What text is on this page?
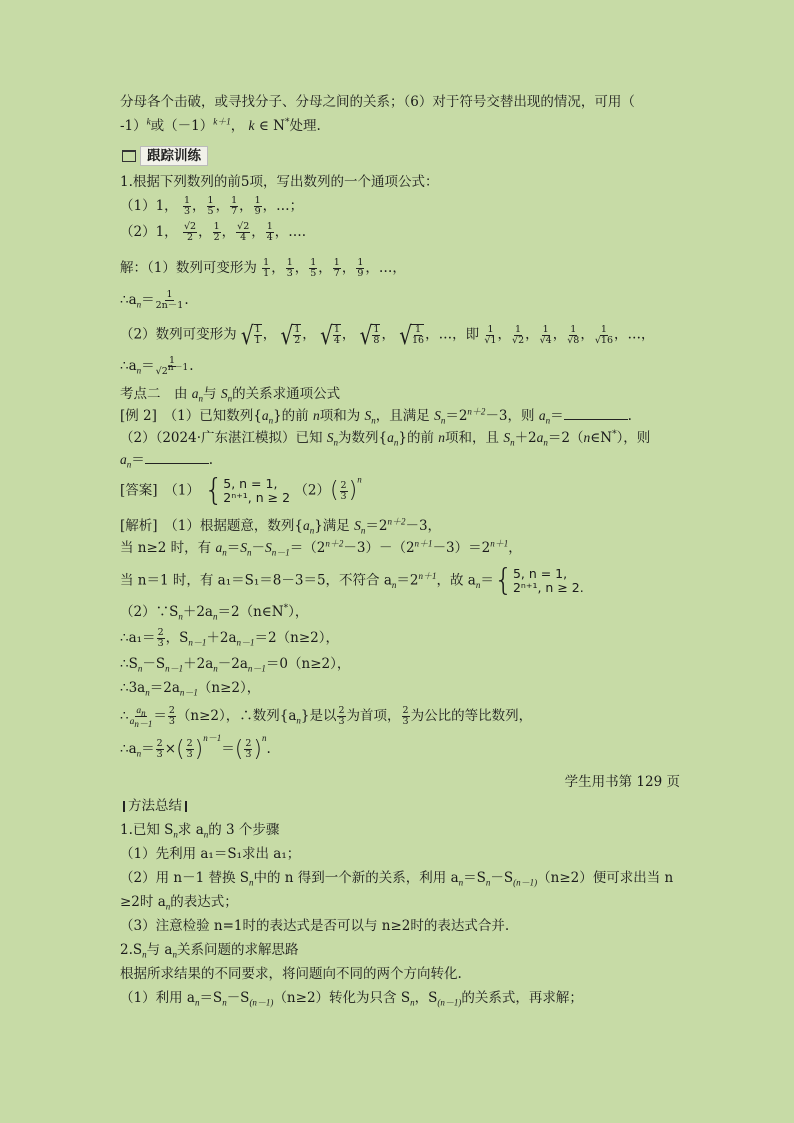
分母各个击破，或寻找分子、分母之间的关系；（6）对于符号交替出现的情况，可用（
-1）$^k$或$(-1)^{k+1}$， k ∈ N*处理.
跟踪训练
1.根据下列数列的前5项，写出数列的一个通项公式：
（1）1， $\frac{1}{3}$ ， $\frac{1}{5}$ ， $\frac{1}{7}$ ， $\frac{1}{9}$ ，…；
（2）1， $\frac{√2}{2}$ ， $\frac{1}{2}$ ， $\frac{√2}{4}$ ， $\frac{1}{4}$ ，….
解：（1）数列可变形为 $\frac{1}{1}$ ， $\frac{1}{3}$ ， $\frac{1}{5}$ ， $\frac{1}{7}$ ， $\frac{1}{9}$ ，…，
$\therefore a_n= \frac{1}{2n-1}$ .
（2）数列可变形为 √ $\frac{1}{1}$ ， √ $\frac{1}{2}$ ， √ $\frac{1}{4}$ ， √ $\frac{1}{8}$ ， √ $\frac{1}{16}$ ，…，即 $\frac{1}{√1}$ ， $\frac{1}{√2}$ ， $\frac{1}{√4}$ ， $\frac{1}{√8}$ ， $\frac{1}{√16}$ ，…，
$\therefore a_n= \frac{1}{√2^{n-1}}$ .
考点二　由 $a_n$与 $S_n$的关系求通项公式
[例 2]　（1）已知数列$\{a_n\}$的前 n项和为 $S_n$，且满足 $S_n=2^{n+2}-3$，则 $a_n=$	.
（2）（2024·广东湛江模拟）已知 $S_n$为数列$\{a_n\}$的前 n项和，且 $S_n+2a_n=2(n\in N^*)$，则
$a_n=$	.
[答案]　（1） { 5, n = 1,
2ⁿ⁺¹, n ≥ 2 （2） ( $\frac{2}{3}$ ) $^n$
[解析]　（1）根据题意，数列$\{a_n\}$满足 $S_n=2^{n+2}-3$，
当 n≥2 时，有 $a_n=S_n-S_{n-1}=(2^{n+2}-3)-(2^{n+1}-3)=2^{n+1}$，
当 n＝1 时，有 a₁＝S₁＝8－3＝5，不符合 $a_n=2^{n+1}$，故 $a_n=$ { 5, n = 1,
2ⁿ⁺¹, n ≥ 2.
$(2)\because S_n+2a_n=2(n\in N^*)$，
∴a₁＝ $\frac{2}{3}$ ，$S_{n-1}+2a_{n-1}=2(n\ge 2)$，
$\therefore S_n-S_{n-1}+2a_n-2a_{n-1}=0(n\ge 2)$，
$\therefore 3a_n=2a_{n-1}(n\ge 2)$，
∴ $\frac{a_n}{a_{n-1}} = \frac{2}{3} (n\ge 2)$，∴数列$\{a_n\}$是以 $\frac{2}{3}$ 为首项， $\frac{2}{3}$ 为公比的等比数列，
$\therefore a_n= \frac{2}{3}$ × ( $\frac{2}{3}$ ) $^{n-1}$＝ ( $\frac{2}{3}$ ) $^n$.
学生用书第 129 页
方法总结
1.已知 $S_n$求 $a_n$的 3 个步骤
（1）先利用 a₁＝S₁求出 a₁；
（2）用 n－1 替换 $S_n$中的 n 得到一个新的关系，利用 $a_n=S_n-S_{(n-1)}(n\ge 2)$便可求出当 n
≥2时 $a_n$的表达式；
（3）注意检验 n=1时的表达式是否可以与 n≥2时的表达式合并.
$2.S_n$与 $a_n$关系问题的求解思路
根据所求结果的不同要求，将问题向不同的两个方向转化.
（1）利用 $a_n=S_n-S_{(n-1)}(n\ge 2)$转化为只含 $S_n$，$S_{(n-1)}$的关系式，再求解；
